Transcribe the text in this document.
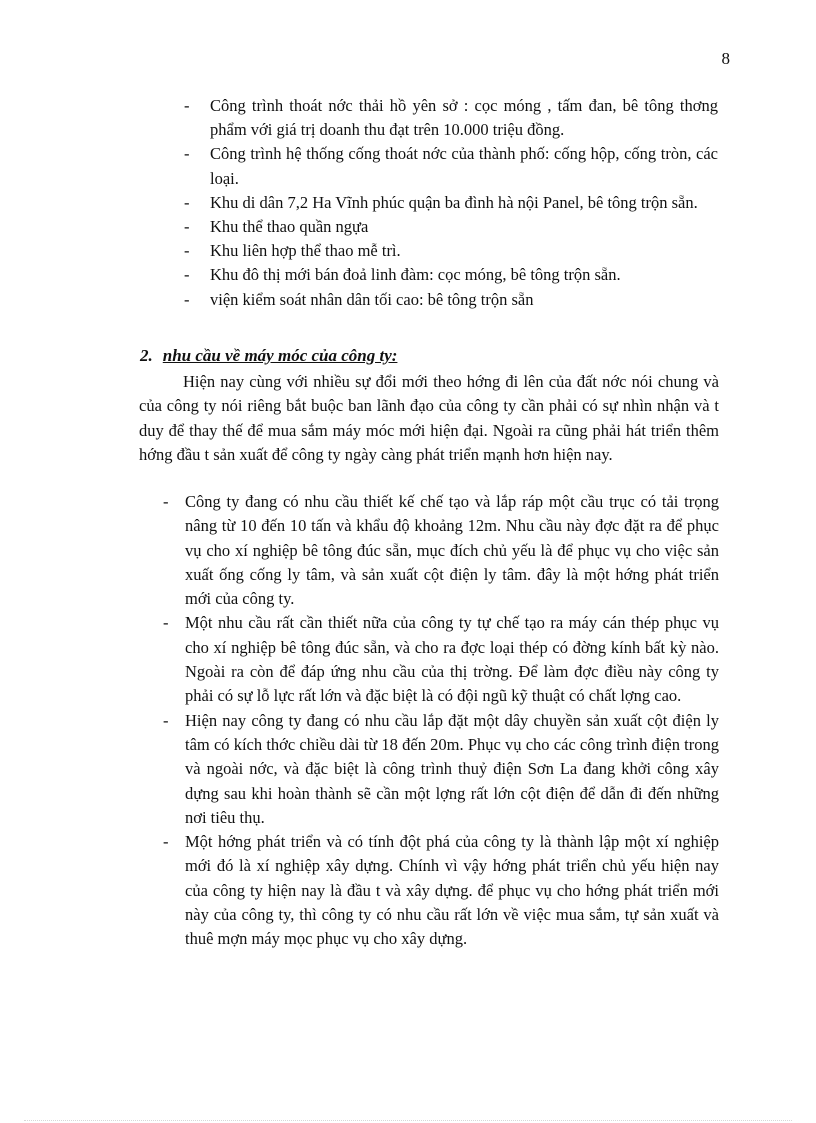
8
- Công trình thoát nớc thải hồ yên sở : cọc móng , tấm đan, bê tông thơng phẩm với giá trị doanh thu đạt trên 10.000 triệu đồng.
- Công trình hệ thống cống thoát nớc của thành phố: cống hộp, cống tròn, các loại.
- Khu di dân 7,2 Ha Vĩnh phúc quận ba đình hà nội Panel, bê tông trộn sẵn.
- Khu thể thao quần ngựa
- Khu liên hợp thể thao mễ trì.
- Khu đô thị mới bán đoả linh đàm: cọc móng, bê tông trộn sẵn.
- viện kiểm soát nhân dân tối cao: bê tông trộn sẵn
2. nhu cầu về máy móc của công ty:

Hiện nay cùng với nhiều sự đổi mới theo hớng đi lên của đất nớc nói chung và của công ty nói riêng bắt buộc ban lãnh đạo của công ty cần phải có sự nhìn nhận và t duy để thay thế để mua sắm máy móc mới hiện đại. Ngoài ra cũng phải hát triển thêm hớng đầu t sản xuất để công ty ngày càng phát triển mạnh hơn hiện nay.

- Công ty đang có nhu cầu thiết kế chế tạo và lắp ráp một cầu trục có tải trọng nâng từ 10 đến 10 tấn và khẩu độ khoảng 12m. Nhu cầu này đợc đặt ra để phục vụ cho xí nghiệp bê tông đúc sẵn, mục đích chủ yếu là để phục vụ cho việc sản xuất ống cống ly tâm, và sản xuất cột điện ly tâm. đây là một hớng phát triển mới của công ty.
- Một nhu cầu rất cần thiết nữa của công ty tự chế tạo ra máy cán thép phục vụ cho xí nghiệp bê tông đúc sẵn, và cho ra đợc loại thép có đờng kính bất kỳ nào. Ngoài ra còn để đáp ứng nhu cầu của thị trờng. Để làm đợc điều này công ty phải có sự lỗ lực rất lớn và đặc biệt là có đội ngũ kỹ thuật có chất lợng cao.
- Hiện nay công ty đang có nhu cầu lắp đặt một dây chuyền sản xuất cột điện ly tâm có kích thớc chiều dài từ 18 đến 20m. Phục vụ cho các công trình điện trong và ngoài nớc, và đặc biệt là công trình thuỷ điện Sơn La đang khởi công xây dựng sau khi hoàn thành sẽ cần một lợng rất lớn cột điện để dẫn đi đến những nơi tiêu thụ.
- Một hớng phát triển và có tính đột phá của công ty là thành lập một xí nghiệp mới đó là xí nghiệp xây dựng. Chính vì vậy hớng phát triển chủ yếu hiện nay của công ty hiện nay là đầu t và xây dựng. để phục vụ cho hớng phát triển mới này của công ty, thì công ty có nhu cầu rất lớn về việc mua sắm, tự sản xuất và thuê mợn máy mọc phục vụ cho xây dựng.
